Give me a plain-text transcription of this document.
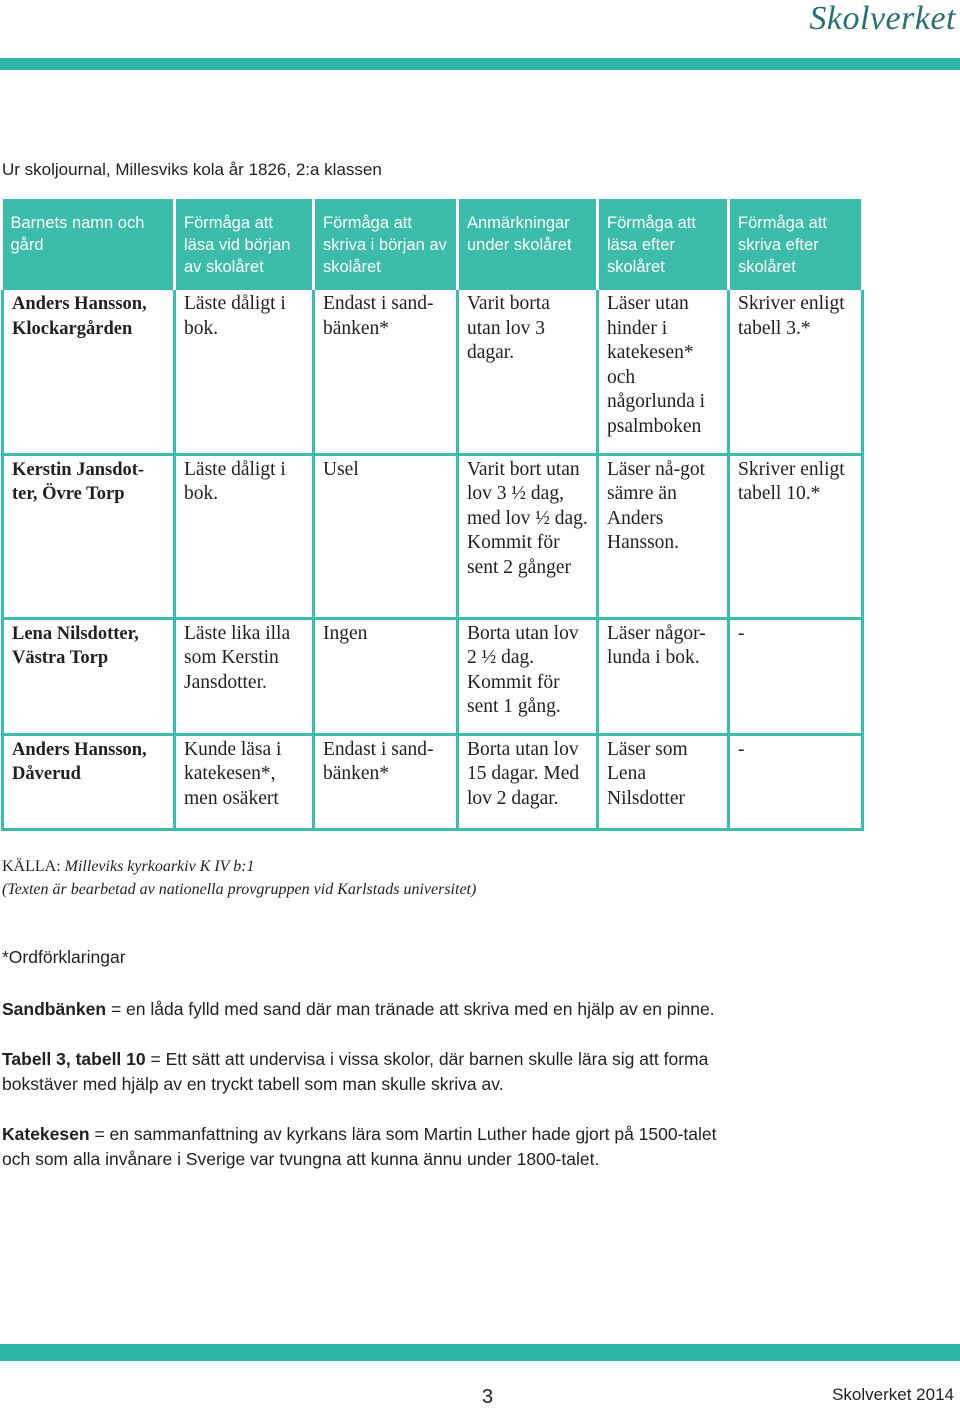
Skolverket
Ur skoljournal, Millesviks kola år 1826, 2:a klassen
Barnets namn och gård	Förmåga att läsa vid början av skolåret	Förmåga att skriva i början av skolåret	Anmärkningar under skolåret	Förmåga att läsa efter skolåret	Förmåga att skriva efter skolåret
Anders Hansson, Klockargården	Läste dåligt i bok.	Endast i sand-bänken*	Varit borta utan lov 3 dagar.	Läser utan hinder i katekesen* och någorlunda i psalmboken	Skriver enligt tabell 3.*
Kerstin Jansdot-ter, Övre Torp	Läste dåligt i bok.	Usel	Varit bort utan lov 3 ½ dag, med lov ½ dag. Kommit för sent 2 gånger	Läser nå-got sämre än Anders Hansson.	Skriver enligt tabell 10.*
Lena Nilsdotter, Västra Torp	Läste lika illa som Kerstin Jansdotter.	Ingen	Borta utan lov 2 ½ dag. Kommit för sent 1 gång.	Läser någor-lunda i bok.	-
Anders Hansson, Dåverud	Kunde läsa i katekesen*, men osäkert	Endast i sand-bänken*	Borta utan lov 15 dagar. Med lov 2 dagar.	Läser som Lena Nilsdotter	-
KÄLLA: Milleviks kyrkoarkiv K IV b:1
(Texten är bearbetad av nationella provgruppen vid Karlstads universitet)

*Ordförklaringar

Sandbänken = en låda fylld med sand där man tränade att skriva med en hjälp av en pinne.

Tabell 3, tabell 10 = Ett sätt att undervisa i vissa skolor, där barnen skulle lära sig att forma bokstäver med hjälp av en tryckt tabell som man skulle skriva av.

Katekesen = en sammanfattning av kyrkans lära som Martin Luther hade gjort på 1500-talet och som alla invånare i Sverige var tvungna att kunna ännu under 1800-talet.

3	Skolverket 2014
